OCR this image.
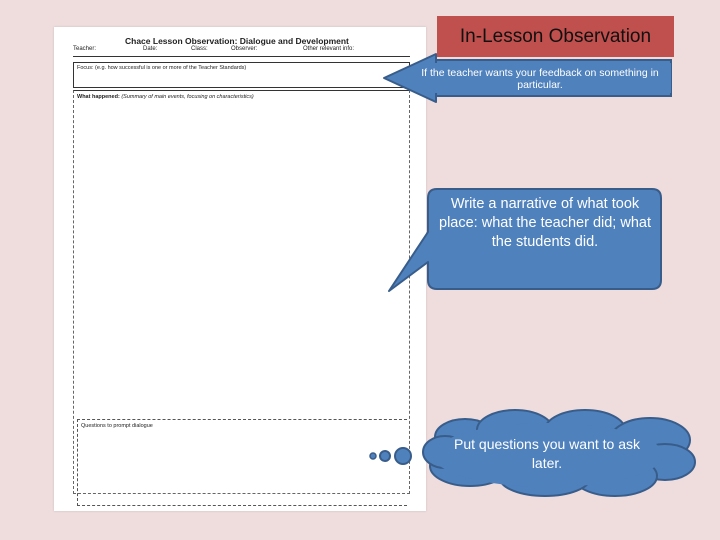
Chace Lesson Observation: Dialogue and Development
Teacher:	Date:	Class:	Observer:	Other relevant info:
Focus: (e.g. how successful is one or more of the Teacher Standards)
What happened: (Summary of main events, focusing on characteristics)
Questions to prompt dialogue
In-Lesson Observation
If the teacher wants your feedback on something in particular.
Write a narrative of what took place: what the teacher did; what the students did.
Put questions you want to ask later.
